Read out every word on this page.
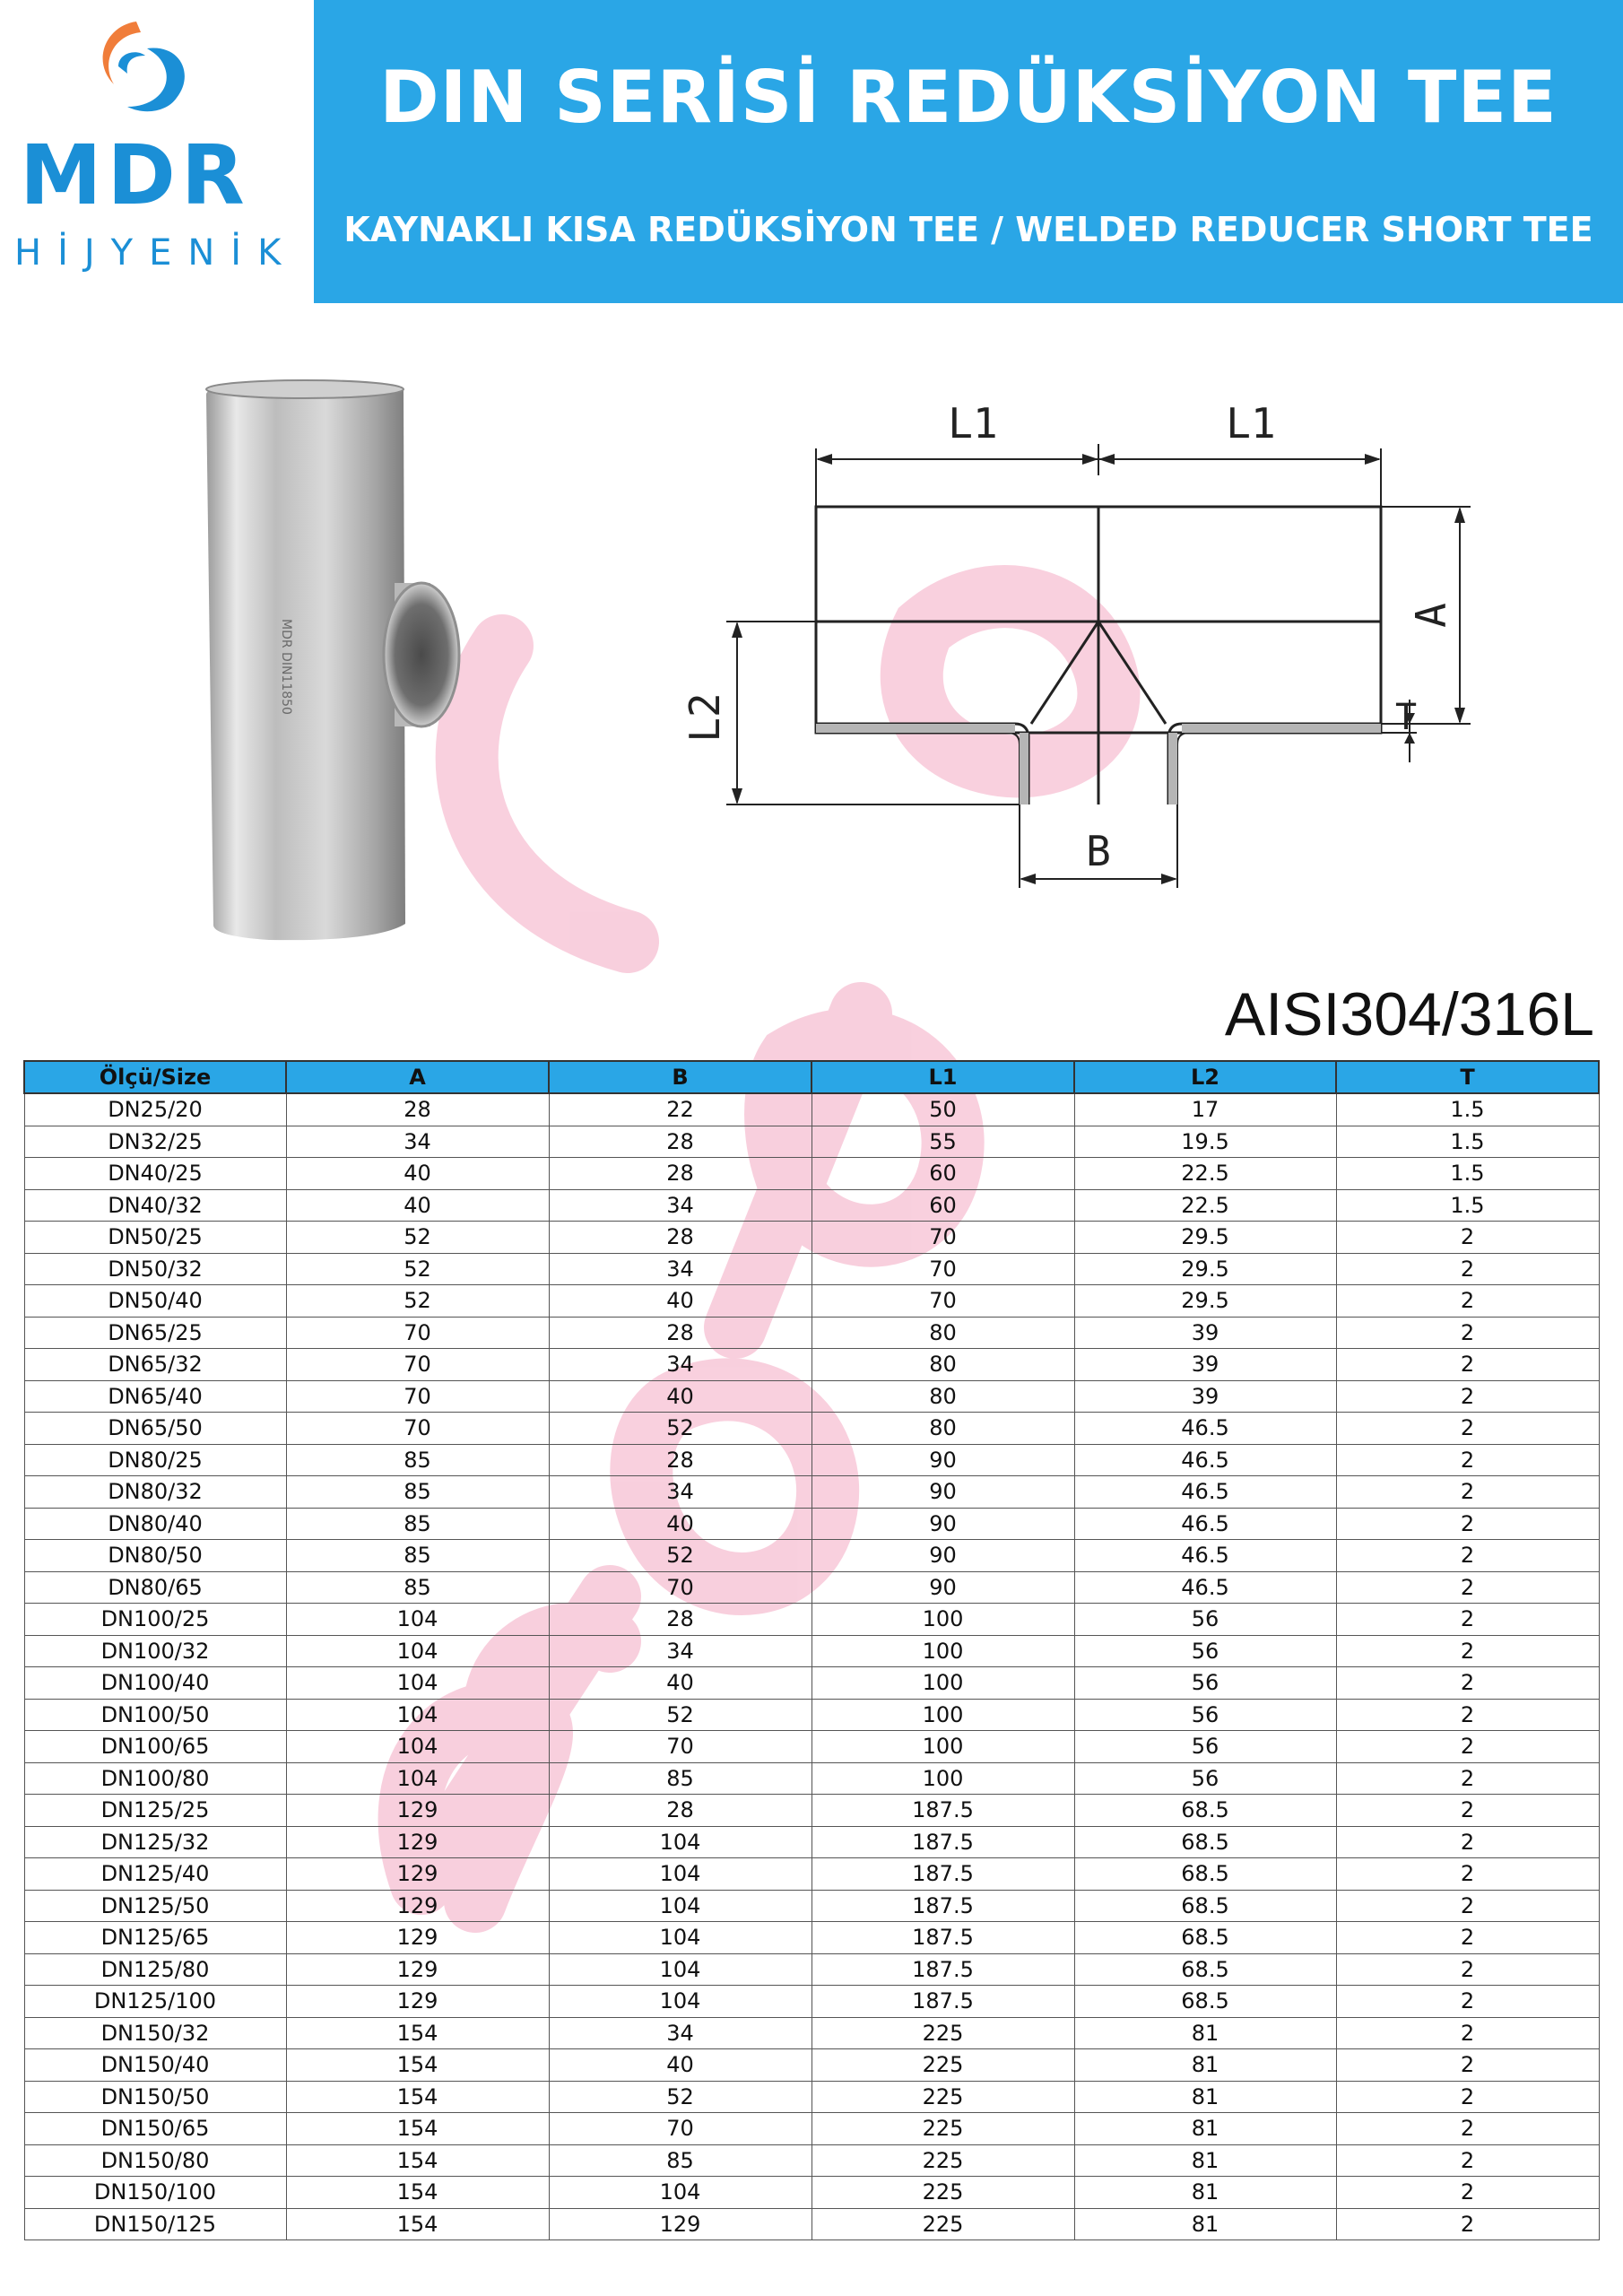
MDR
HİJYENİK
DIN SERİSİ REDÜKSİYON TEE
KAYNAKLI KISA REDÜKSİYON TEE / WELDED REDUCER SHORT TEE
MDR DIN11850
L1	L1
A
L2
B
T
AISI304/316L
Ölçü/Size	A	B	L1	L2	T
DN25/20	28	22	50	17	1.5
DN32/25	34	28	55	19.5	1.5
DN40/25	40	28	60	22.5	1.5
DN40/32	40	34	60	22.5	1.5
DN50/25	52	28	70	29.5	2
DN50/32	52	34	70	29.5	2
DN50/40	52	40	70	29.5	2
DN65/25	70	28	80	39	2
DN65/32	70	34	80	39	2
DN65/40	70	40	80	39	2
DN65/50	70	52	80	46.5	2
DN80/25	85	28	90	46.5	2
DN80/32	85	34	90	46.5	2
DN80/40	85	40	90	46.5	2
DN80/50	85	52	90	46.5	2
DN80/65	85	70	90	46.5	2
DN100/25	104	28	100	56	2
DN100/32	104	34	100	56	2
DN100/40	104	40	100	56	2
DN100/50	104	52	100	56	2
DN100/65	104	70	100	56	2
DN100/80	104	85	100	56	2
DN125/25	129	28	187.5	68.5	2
DN125/32	129	104	187.5	68.5	2
DN125/40	129	104	187.5	68.5	2
DN125/50	129	104	187.5	68.5	2
DN125/65	129	104	187.5	68.5	2
DN125/80	129	104	187.5	68.5	2
DN125/100	129	104	187.5	68.5	2
DN150/32	154	34	225	81	2
DN150/40	154	40	225	81	2
DN150/50	154	52	225	81	2
DN150/65	154	70	225	81	2
DN150/80	154	85	225	81	2
DN150/100	154	104	225	81	2
DN150/125	154	129	225	81	2
